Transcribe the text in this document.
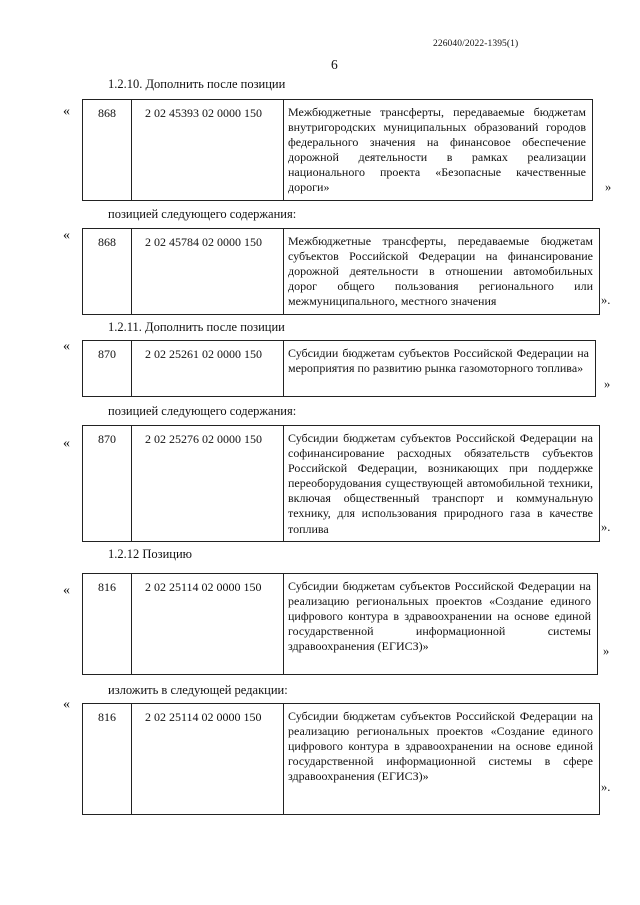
226040/2022-1395(1)
6
1.2.10. Дополнить после позиции
« 868	2 02 45393 02 0000 150	Межбюджетные трансферты, передаваемые бюджетам внутригородских муниципальных образований городов федерального значения на финансовое обеспечение дорожной деятельности в рамках реализации национального проекта «Безопасные качественные дороги»	»
позицией следующего содержания:
« 868	2 02 45784 02 0000 150	Межбюджетные трансферты, передаваемые бюджетам субъектов Российской Федерации на финансирование дорожной деятельности в отношении автомобильных дорог общего пользования регионального или межмуниципального, местного значения	».
1.2.11. Дополнить после позиции
« 870	2 02 25261 02 0000 150	Субсидии бюджетам субъектов Российской Федерации на мероприятия по развитию рынка газомоторного топлива»
»
позицией следующего содержания:
« 870	2 02 25276 02 0000 150	Субсидии бюджетам субъектов Российской Федерации на софинансирование расходных обязательств субъектов Российской Федерации, возникающих при поддержке переоборудования существующей автомобильной техники, включая общественный транспорт и коммунальную технику, для использования природного газа в качестве топлива	».
1.2.12 Позицию
« 816	2 02 25114 02 0000 150	Субсидии бюджетам субъектов Российской Федерации на реализацию региональных проектов «Создание единого цифрового контура в здравоохранении на основе единой государственной информационной системы здравоохранения (ЕГИСЗ)»	»
изложить в следующей редакции:
«
816	2 02 25114 02 0000 150	Субсидии бюджетам субъектов Российской Федерации на реализацию региональных проектов «Создание единого цифрового контура в здравоохранении на основе единой государственной информационной системы в сфере здравоохранения (ЕГИСЗ)»
».
